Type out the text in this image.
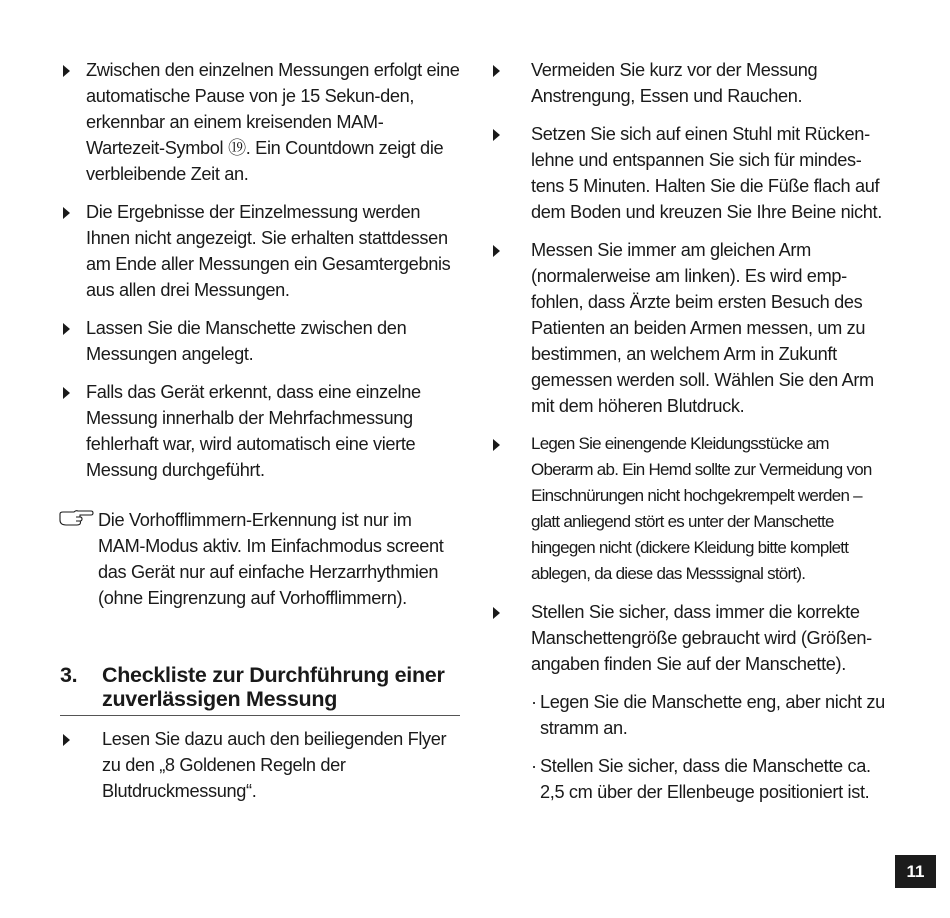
Zwischen den einzelnen Messungen erfolgt eine automatische Pause von je 15 Sekun-den, erkennbar an einem kreisenden MAM-Wartezeit-Symbol ⑲. Ein Countdown zeigt die verbleibende Zeit an.
Die Ergebnisse der Einzelmessung werden Ihnen nicht angezeigt. Sie erhalten stattdessen am Ende aller Messungen ein Gesamtergebnis aus allen drei Messungen.
Lassen Sie die Manschette zwischen den Messungen angelegt.
Falls das Gerät erkennt, dass eine einzelne Messung innerhalb der Mehrfachmessung fehlerhaft war, wird automatisch eine vierte Messung durchgeführt.
Die Vorhofflimmern-Erkennung ist nur im MAM-Modus aktiv. Im Einfachmodus screent das Gerät nur auf einfache Herzarrhythmien (ohne Eingrenzung auf Vorhofflimmern).
3.	Checkliste zur Durchführung einer zuverlässigen Messung
Lesen Sie dazu auch den beiliegenden Flyer zu den „8 Goldenen Regeln der Blutdruckmessung“.
Vermeiden Sie kurz vor der Messung Anstrengung, Essen und Rauchen.
Setzen Sie sich auf einen Stuhl mit Rücken-lehne und entspannen Sie sich für mindes-tens 5 Minuten. Halten Sie die Füße flach auf dem Boden und kreuzen Sie Ihre Beine nicht.
Messen Sie immer am gleichen Arm (normalerweise am linken). Es wird emp-fohlen, dass Ärzte beim ersten Besuch des Patienten an beiden Armen messen, um zu bestimmen, an welchem Arm in Zukunft gemessen werden soll. Wählen Sie den Arm mit dem höheren Blutdruck.
Legen Sie einengende Kleidungsstücke am Oberarm ab. Ein Hemd sollte zur Vermeidung von Einschnürungen nicht hochgekrempelt werden – glatt anliegend stört es unter der Manschette hingegen nicht (dickere Kleidung bitte komplett ablegen, da diese das Messsignal stört).
Stellen Sie sicher, dass immer die korrekte Manschettengröße gebraucht wird (Größen-angaben finden Sie auf der Manschette).
· Legen Sie die Manschette eng, aber nicht zu stramm an.
· Stellen Sie sicher, dass die Manschette ca. 2,5 cm über der Ellenbeuge positioniert ist.
11
